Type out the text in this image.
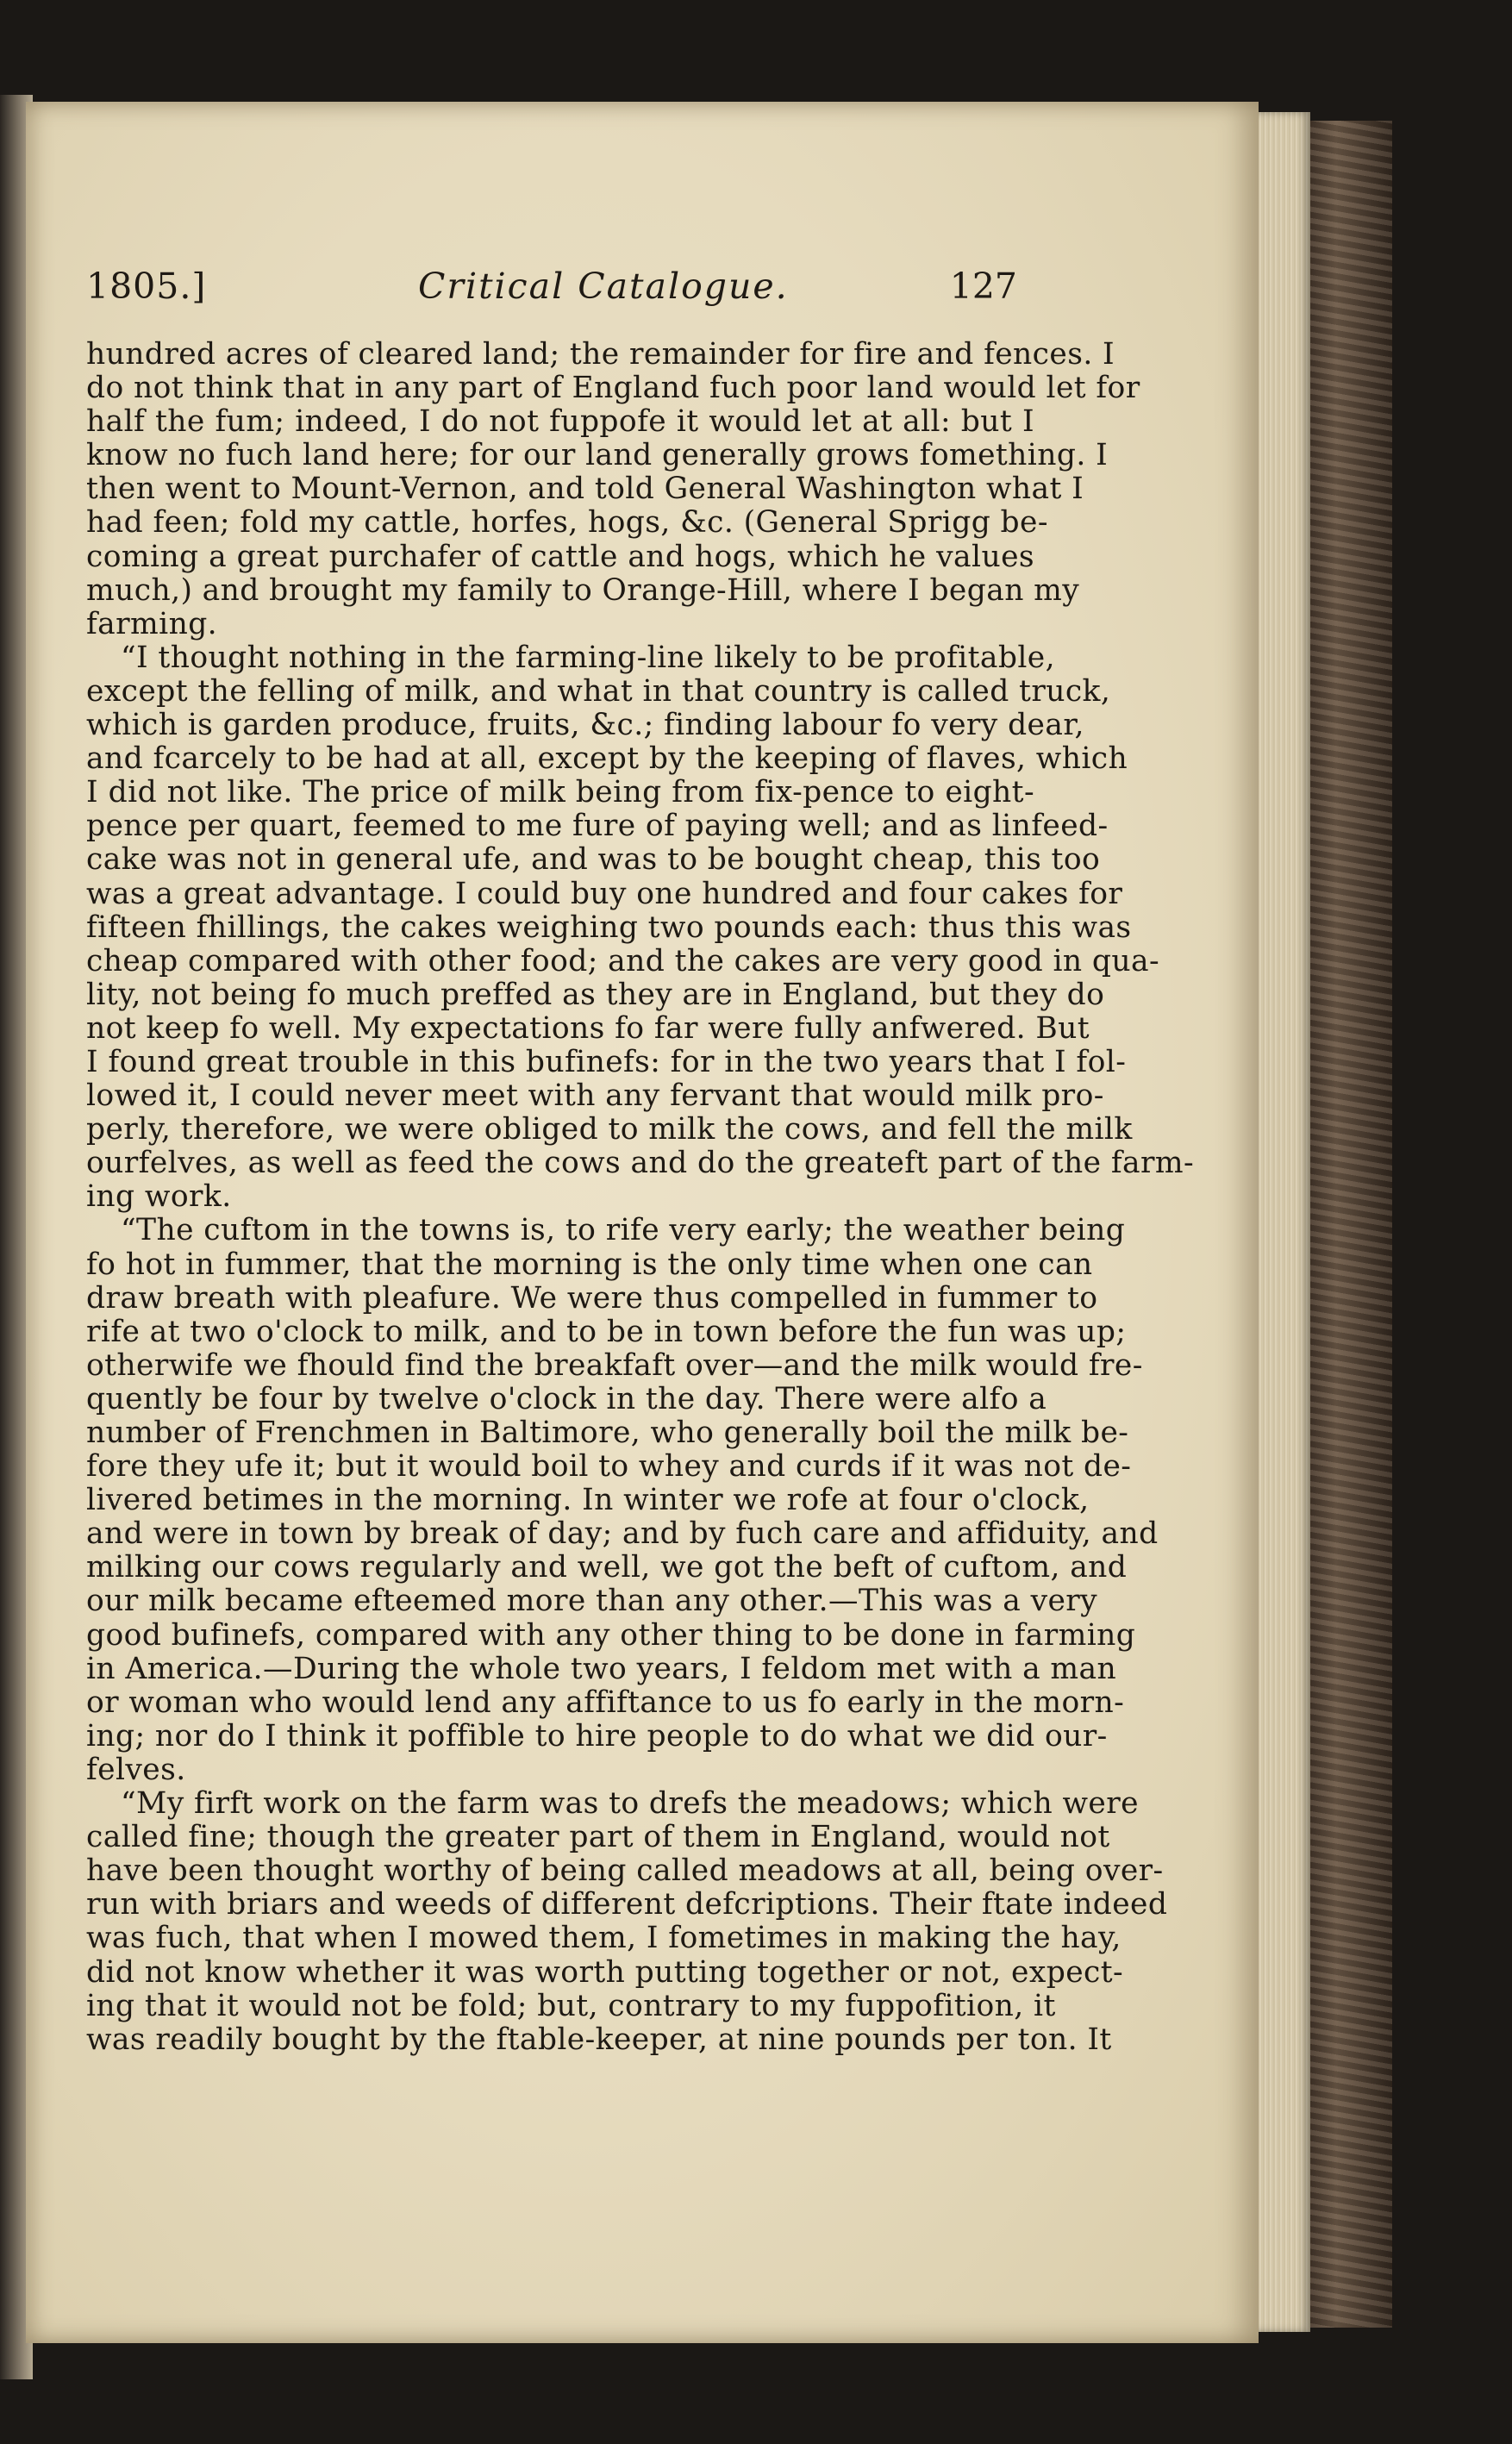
1805.]	Critical Catalogue.	127
hundred acres of cleared land; the remainder for fire and fences. I
do not think that in any part of England fuch poor land would let for
half the fum; indeed, I do not fuppofe it would let at all: but I
know no fuch land here; for our land generally grows fomething. I
then went to Mount-Vernon, and told General Washington what I
had feen; fold my cattle, horfes, hogs, &c. (General Sprigg be-
coming a great purchafer of cattle and hogs, which he values
much,) and brought my family to Orange-Hill, where I began my
farming.
“I thought nothing in the farming-line likely to be profitable,
except the felling of milk, and what in that country is called truck,
which is garden produce, fruits, &c.; finding labour fo very dear,
and fcarcely to be had at all, except by the keeping of flaves, which
I did not like. The price of milk being from fix-pence to eight-
pence per quart, feemed to me fure of paying well; and as linfeed-
cake was not in general ufe, and was to be bought cheap, this too
was a great advantage. I could buy one hundred and four cakes for
fifteen fhillings, the cakes weighing two pounds each: thus this was
cheap compared with other food; and the cakes are very good in qua-
lity, not being fo much preffed as they are in England, but they do
not keep fo well. My expectations fo far were fully anfwered. But
I found great trouble in this bufinefs: for in the two years that I fol-
lowed it, I could never meet with any fervant that would milk pro-
perly, therefore, we were obliged to milk the cows, and fell the milk
ourfelves, as well as feed the cows and do the greateft part of the farm-
ing work.
“The cuftom in the towns is, to rife very early; the weather being
fo hot in fummer, that the morning is the only time when one can
draw breath with pleafure. We were thus compelled in fummer to
rife at two o'clock to milk, and to be in town before the fun was up;
otherwife we fhould find the breakfaft over—and the milk would fre-
quently be four by twelve o'clock in the day. There were alfo a
number of Frenchmen in Baltimore, who generally boil the milk be-
fore they ufe it; but it would boil to whey and curds if it was not de-
livered betimes in the morning. In winter we rofe at four o'clock,
and were in town by break of day; and by fuch care and affiduity, and
milking our cows regularly and well, we got the beft of cuftom, and
our milk became efteemed more than any other.—This was a very
good bufinefs, compared with any other thing to be done in farming
in America.—During the whole two years, I feldom met with a man
or woman who would lend any affiftance to us fo early in the morn-
ing; nor do I think it poffible to hire people to do what we did our-
felves.
“My firft work on the farm was to drefs the meadows; which were
called fine; though the greater part of them in England, would not
have been thought worthy of being called meadows at all, being over-
run with briars and weeds of different defcriptions. Their ftate indeed
was fuch, that when I mowed them, I fometimes in making the hay,
did not know whether it was worth putting together or not, expect-
ing that it would not be fold; but, contrary to my fuppofition, it
was readily bought by the ftable-keeper, at nine pounds per ton. It
